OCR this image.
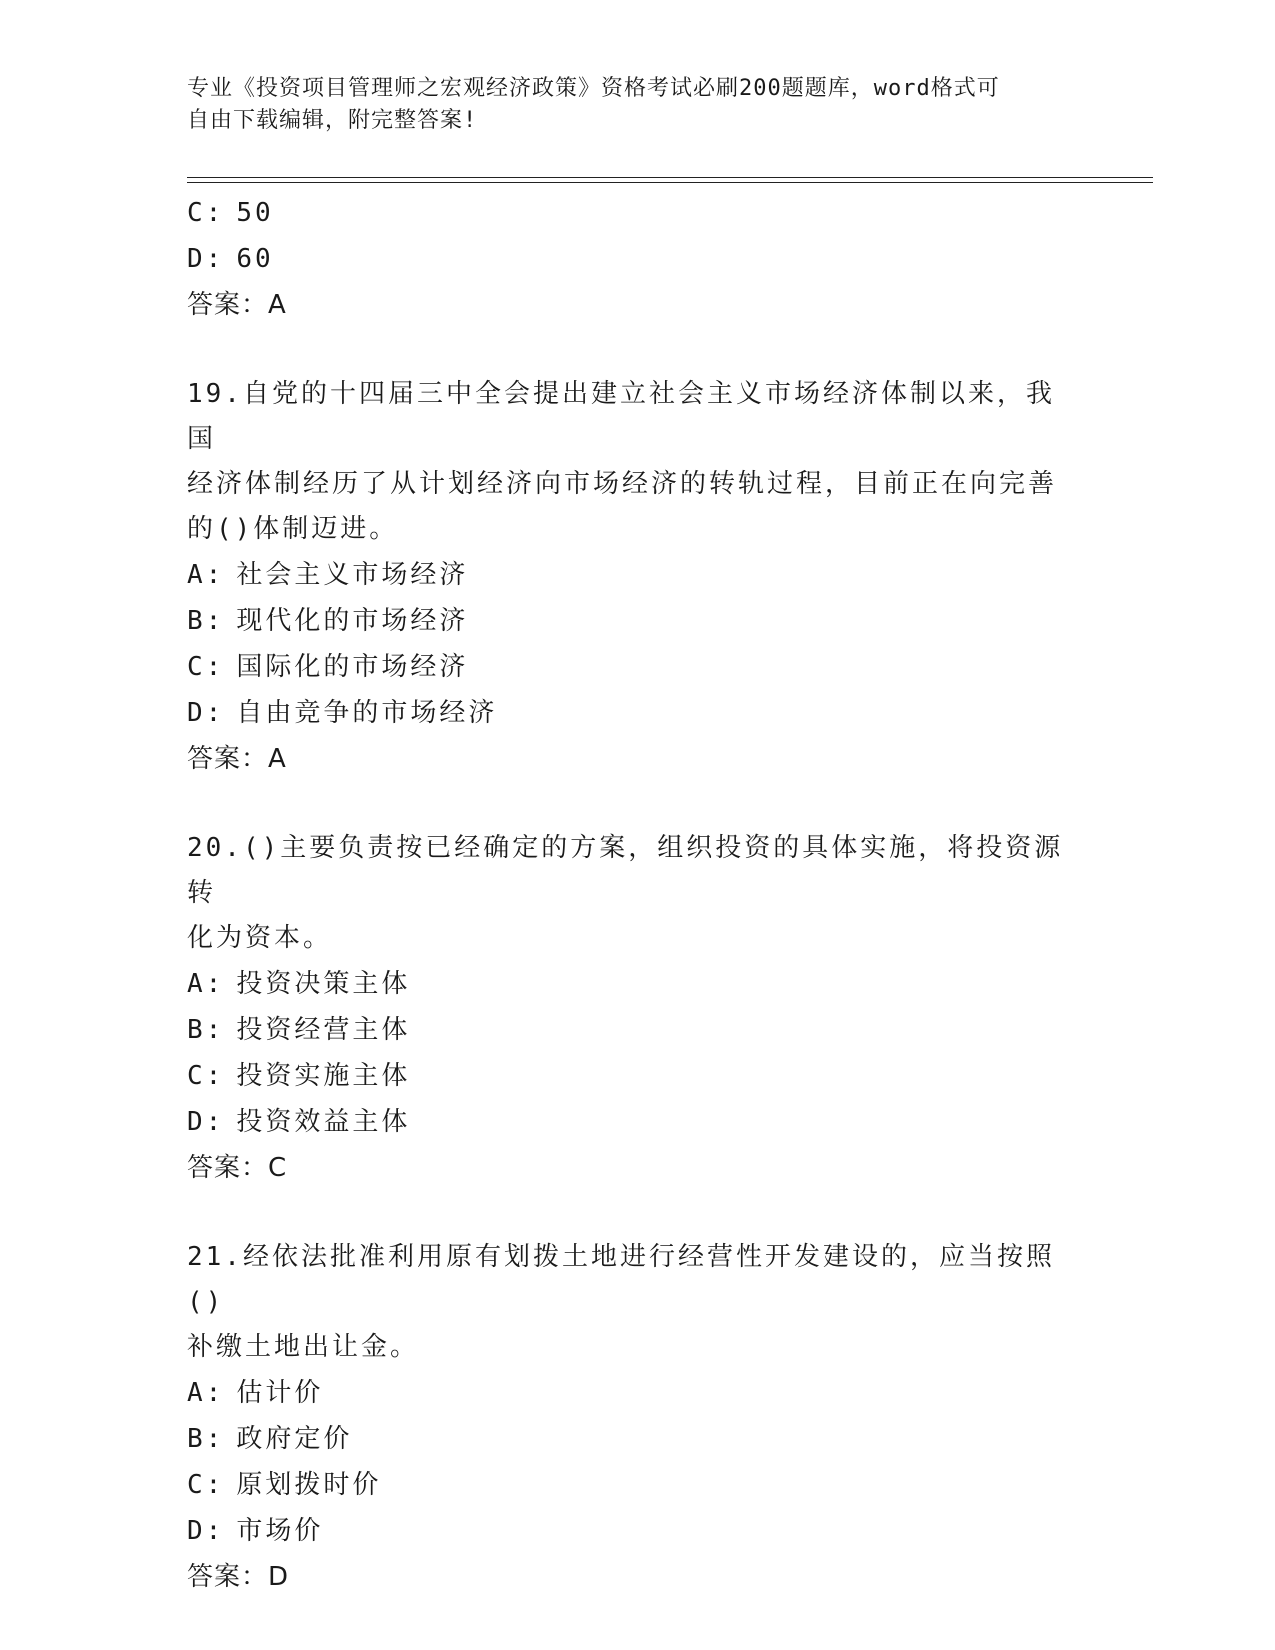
专业《投资项目管理师之宏观经济政策》资格考试必刷200题题库，word格式可
自由下载编辑，附完整答案!
C: 50
D: 60
答案：A
19.自党的十四届三中全会提出建立社会主义市场经济体制以来，我国
经济体制经历了从计划经济向市场经济的转轨过程，目前正在向完善
的()体制迈进。
A: 社会主义市场经济
B: 现代化的市场经济
C: 国际化的市场经济
D: 自由竞争的市场经济
答案：A
20.()主要负责按已经确定的方案，组织投资的具体实施，将投资源转
化为资本。
A: 投资决策主体
B: 投资经营主体
C: 投资实施主体
D: 投资效益主体
答案：C
21.经依法批准利用原有划拨土地进行经营性开发建设的，应当按照()
补缴土地出让金。
A: 估计价
B: 政府定价
C: 原划拨时价
D: 市场价
答案：D
